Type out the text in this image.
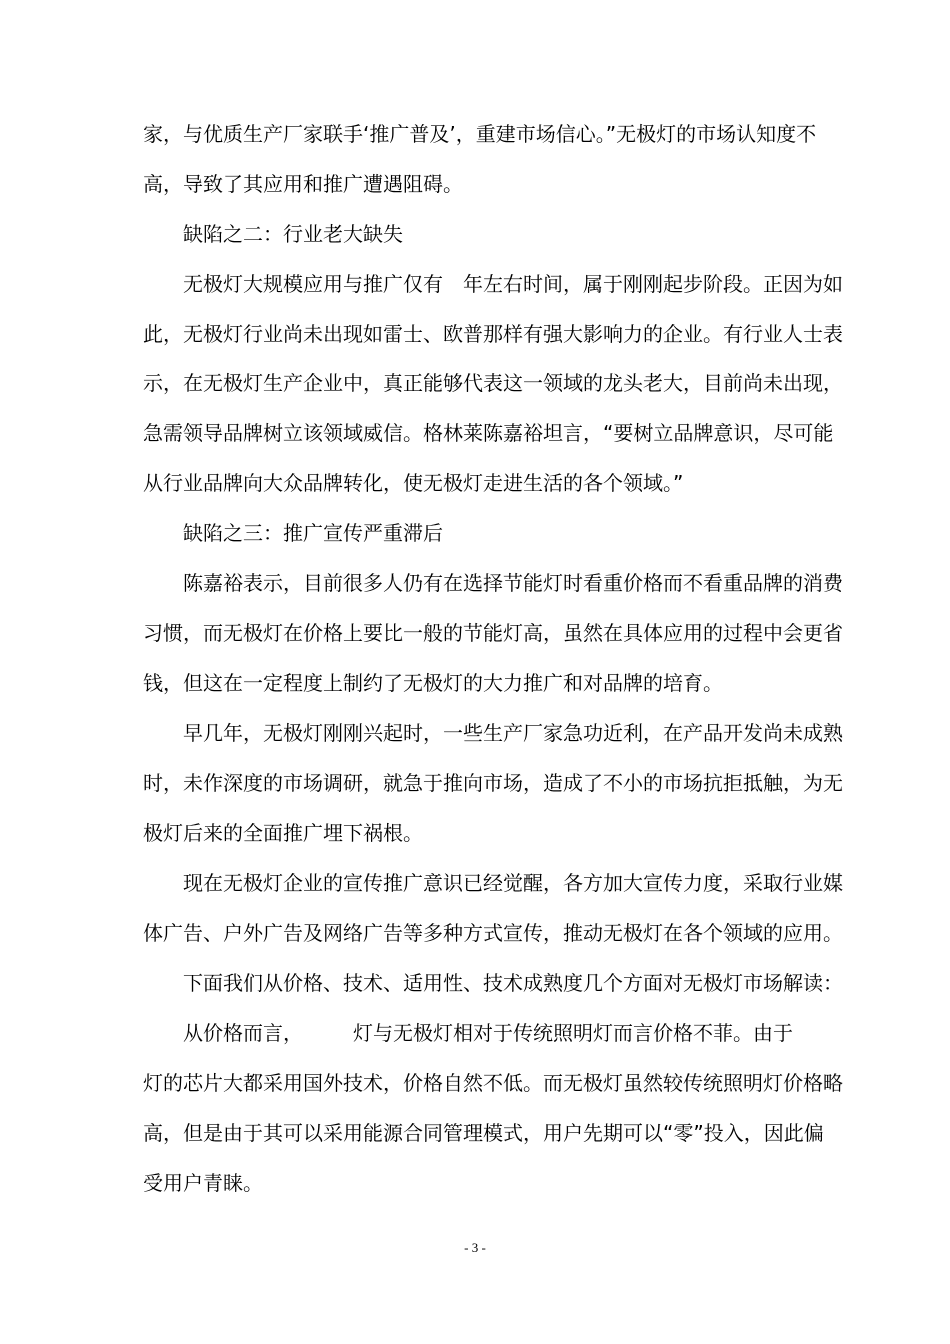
家，与优质生产厂家联手‘推广普及’，重建市场信心。”无极灯的市场认知度不
高，导致了其应用和推广遭遇阻碍。
缺陷之二：行业老大缺失
无极灯大规模应用与推广仅有　年左右时间，属于刚刚起步阶段。正因为如
此，无极灯行业尚未出现如雷士、欧普那样有强大影响力的企业。有行业人士表
示，在无极灯生产企业中，真正能够代表这一领域的龙头老大，目前尚未出现，
急需领导品牌树立该领域威信。格林莱陈嘉裕坦言，“要树立品牌意识，尽可能
从行业品牌向大众品牌转化，使无极灯走进生活的各个领域。”
缺陷之三：推广宣传严重滞后
陈嘉裕表示，目前很多人仍有在选择节能灯时看重价格而不看重品牌的消费
习惯，而无极灯在价格上要比一般的节能灯高，虽然在具体应用的过程中会更省
钱，但这在一定程度上制约了无极灯的大力推广和对品牌的培育。
早几年，无极灯刚刚兴起时，一些生产厂家急功近利，在产品开发尚未成熟
时，未作深度的市场调研，就急于推向市场，造成了不小的市场抗拒抵触，为无
极灯后来的全面推广埋下祸根。
现在无极灯企业的宣传推广意识已经觉醒，各方加大宣传力度，采取行业媒
体广告、户外广告及网络广告等多种方式宣传，推动无极灯在各个领域的应用。
下面我们从价格、技术、适用性、技术成熟度几个方面对无极灯市场解读：
从价格而言，　　　灯与无极灯相对于传统照明灯而言价格不菲。由于
灯的芯片大都采用国外技术，价格自然不低。而无极灯虽然较传统照明灯价格略
高，但是由于其可以采用能源合同管理模式，用户先期可以“零”投入，因此偏
受用户青睐。
- 3 -
